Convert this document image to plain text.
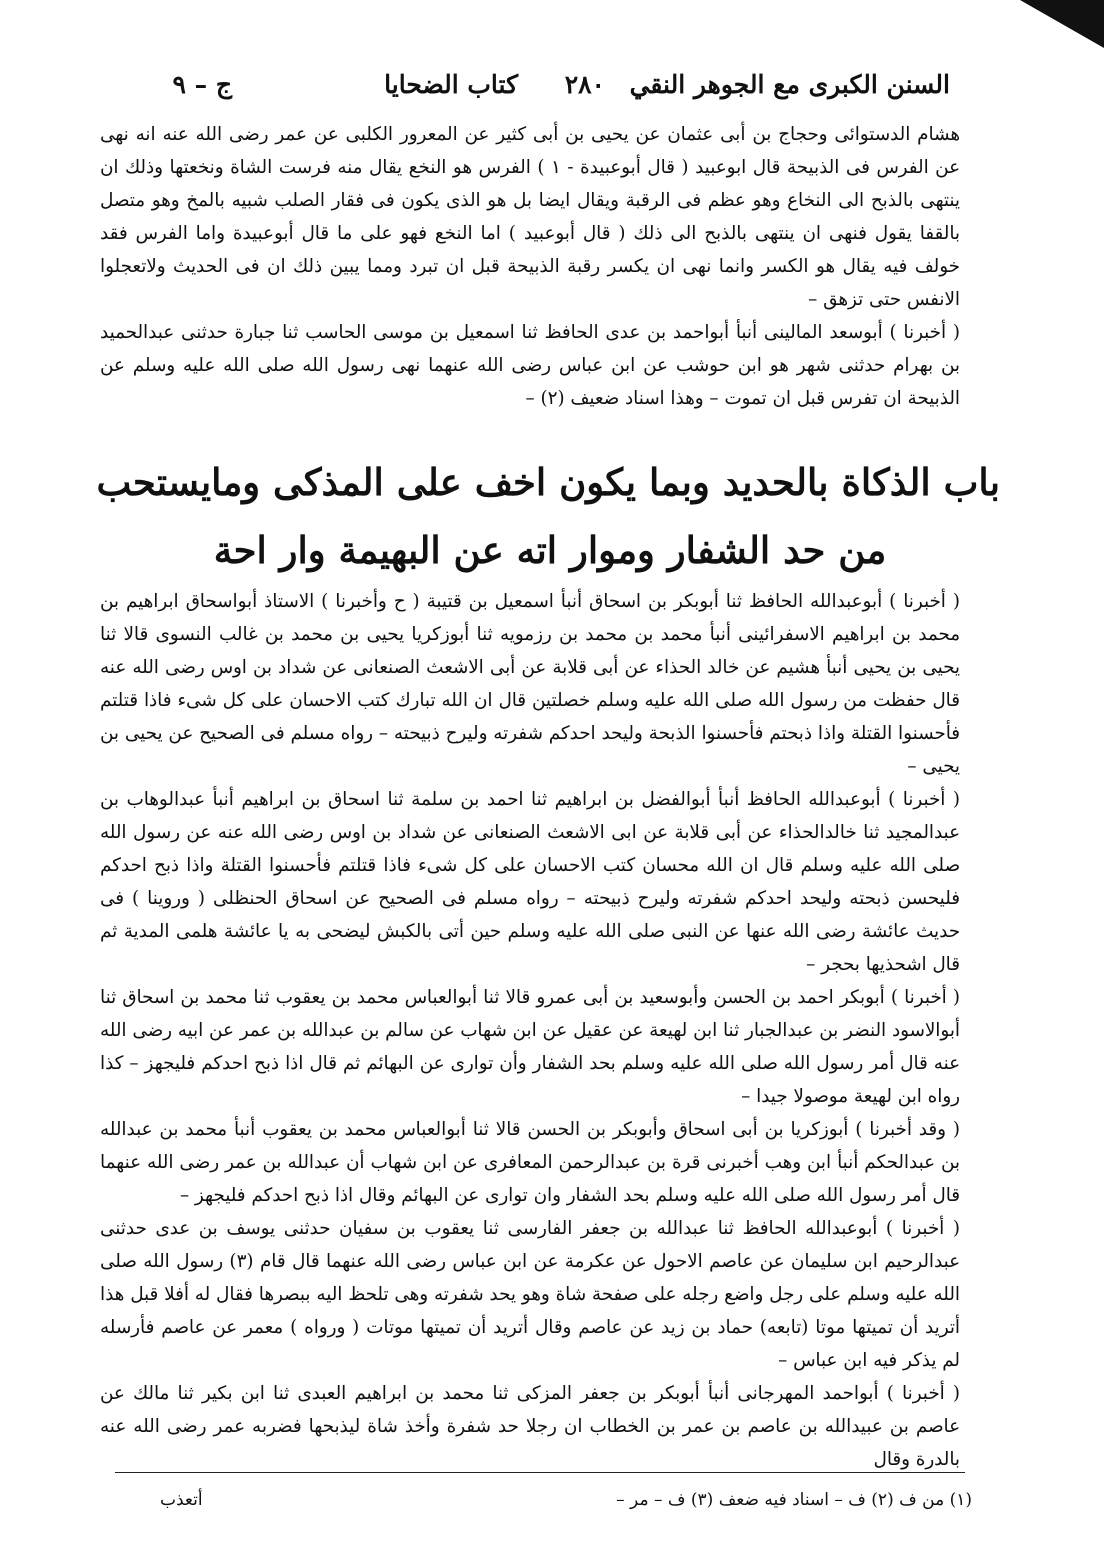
السنن الكبرى مع الجوهر النقي
٢٨٠
كتاب الضحايا
ج – ٩

هشام الدستوائی وحجاج بن أبی عثمان عن یحیی بن أبی کثیر عن المعرور الکلبی عن عمر رضی الله عنه انه نهی عن الفرس فی الذبیحة قال ابوعبید ( قال أبوعبیدة - ١ ) الفرس هو النخع یقال منه فرست الشاة ونخعتها وذلك ان ینتهی بالذبح الی النخاع وهو عظم فی الرقبة ویقال ایضا بل هو الذی یکون فی فقار الصلب شبیه بالمخ وهو متصل بالقفا یقول فنهی ان ینتهی بالذبح الی ذلك ( قال أبوعبید ) اما النخع فهو علی ما قال أبوعبیدة واما الفرس فقد خولف فیه یقال هو الکسر وانما نهی ان یکسر رقبة الذبیحة قبل ان تبرد ومما یبین ذلك ان فی الحدیث ولاتعجلوا الانفس حتی تزهق –

( أخبرنا ) أبوسعد المالینی أنبأ أبواحمد بن عدی الحافظ ثنا اسمعیل بن موسی الحاسب ثنا جبارة حدثنی عبدالحمید بن بهرام حدثنی شهر هو ابن حوشب عن ابن عباس رضی الله عنهما نهی رسول الله صلی الله علیه وسلم عن الذبیحة ان تفرس قبل ان تموت – وهذا اسناد ضعیف (٢) –

باب الذكاة بالحديد وبما يكون اخف على المذكى ومايستحب
من حد الشفار وموار اته عن البهيمة وار احة

( أخبرنا ) أبوعبدالله الحافظ ثنا أبوبکر بن اسحاق أنبأ اسمعیل بن قتیبة ( ح وأخبرنا ) الاستاذ أبواسحاق ابراهیم بن محمد بن ابراهیم الاسفرائینی أنبأ محمد بن محمد بن رزمویه ثنا أبوزکریا یحیی بن محمد بن غالب النسوی قالا ثنا یحیی بن یحیی أنبأ هشیم عن خالد الحذاء عن أبی قلابة عن أبی الاشعث الصنعانی عن شداد بن اوس رضی الله عنه قال حفظت من رسول الله صلی الله علیه وسلم خصلتین قال ان الله تبارك کتب الاحسان علی کل شیء فاذا قتلتم فأحسنوا القتلة واذا ذبحتم فأحسنوا الذبحة ولیحد احدکم شفرته ولیرح ذبیحته – رواه مسلم فی الصحیح عن یحیی بن یحیی –

( أخبرنا ) أبوعبدالله الحافظ أنبأ أبوالفضل بن ابراهیم ثنا احمد بن سلمة ثنا اسحاق بن ابراهیم أنبأ عبدالوهاب بن عبدالمجید ثنا خالدالحذاء عن أبی قلابة عن ابی الاشعث الصنعانی عن شداد بن اوس رضی الله عنه عن رسول الله صلی الله علیه وسلم قال ان الله محسان کتب الاحسان علی کل شیء فاذا قتلتم فأحسنوا القتلة واذا ذبح احدکم فلیحسن ذبحته ولیحد احدکم شفرته ولیرح ذبیحته – رواه مسلم فی الصحیح عن اسحاق الحنظلی ( وروینا ) فی حدیث عائشة رضی الله عنها عن النبی صلی الله علیه وسلم حین أتی بالکبش لیضحی به یا عائشة هلمی المدیة ثم قال اشحذیها بحجر –

( أخبرنا ) أبوبکر احمد بن الحسن وأبوسعید بن أبی عمرو قالا ثنا أبوالعباس محمد بن یعقوب ثنا محمد بن اسحاق ثنا أبوالاسود النضر بن عبدالجبار ثنا ابن لهیعة عن عقیل عن ابن شهاب عن سالم بن عبدالله بن عمر عن ابیه رضی الله عنه قال أمر رسول الله صلی الله علیه وسلم بحد الشفار وأن توارى عن البهائم ثم قال اذا ذبح احدکم فلیجهز – کذا رواه ابن لهیعة موصولا جیدا –

( وقد أخبرنا ) أبوزکریا بن أبی اسحاق وأبوبکر بن الحسن قالا ثنا أبوالعباس محمد بن یعقوب أنبأ محمد بن عبدالله بن عبدالحکم أنبأ ابن وهب أخبرنی قرة بن عبدالرحمن المعافری عن ابن شهاب أن عبدالله بن عمر رضی الله عنهما قال أمر رسول الله صلی الله علیه وسلم بحد الشفار وان توارى عن البهائم وقال اذا ذبح احدکم فلیجهز –

( أخبرنا ) أبوعبدالله الحافظ ثنا عبدالله بن جعفر الفارسی ثنا یعقوب بن سفیان حدثنی یوسف بن عدی حدثنی عبدالرحیم ابن سلیمان عن عاصم الاحول عن عکرمة عن ابن عباس رضی الله عنهما قال قام (٣) رسول الله صلی الله علیه وسلم علی رجل واضع رجله علی صفحة شاة وهو یحد شفرته وهی تلحظ الیه ببصرها فقال له أفلا قبل هذا أترید أن تمیتها موتا (تابعه) حماد بن زید عن عاصم وقال أترید أن تمیتها موتات ( ورواه ) معمر عن عاصم فأرسله لم یذکر فیه ابن عباس –

( أخبرنا ) أبواحمد المهرجانی أنبأ أبوبکر بن جعفر المزکی ثنا محمد بن ابراهیم العبدی ثنا ابن بکیر ثنا مالك عن عاصم بن عبیدالله بن عاصم بن عمر بن الخطاب ان رجلا حد شفرة وأخذ شاة لیذبحها فضربه عمر رضی الله عنه بالدرة وقال

(١) من ف (٢) ف – اسناد فیه ضعف (٣) ف – مر –
أتعذب
